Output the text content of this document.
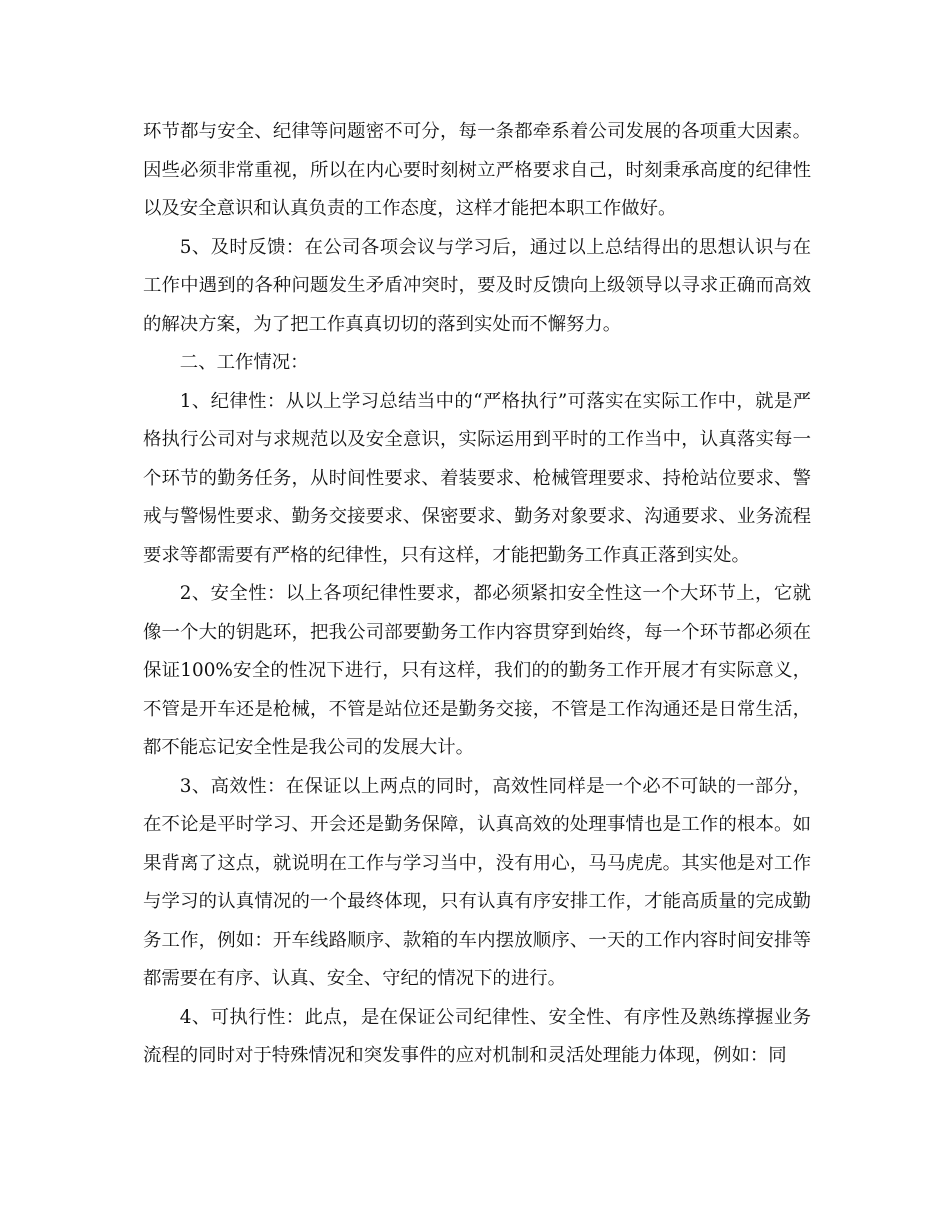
环节都与安全、纪律等问题密不可分，每一条都牵系着公司发展的各项重大因素。因些必须非常重视，所以在内心要时刻树立严格要求自己，时刻秉承高度的纪律性以及安全意识和认真负责的工作态度，这样才能把本职工作做好。

5、及时反馈：在公司各项会议与学习后，通过以上总结得出的思想认识与在工作中遇到的各种问题发生矛盾冲突时，要及时反馈向上级领导以寻求正确而高效的解决方案，为了把工作真真切切的落到实处而不懈努力。

二、工作情况：

1、纪律性：从以上学习总结当中的“严格执行”可落实在实际工作中，就是严格执行公司对与求规范以及安全意识，实际运用到平时的工作当中，认真落实每一个环节的勤务任务，从时间性要求、着装要求、枪械管理要求、持枪站位要求、警戒与警惕性要求、勤务交接要求、保密要求、勤务对象要求、沟通要求、业务流程要求等都需要有严格的纪律性，只有这样，才能把勤务工作真正落到实处。

2、安全性：以上各项纪律性要求，都必须紧扣安全性这一个大环节上，它就像一个大的钥匙环，把我公司部要勤务工作内容贯穿到始终，每一个环节都必须在保证100%安全的性况下进行，只有这样，我们的的勤务工作开展才有实际意义，不管是开车还是枪械，不管是站位还是勤务交接，不管是工作沟通还是日常生活，都不能忘记安全性是我公司的发展大计。

3、高效性：在保证以上两点的同时，高效性同样是一个必不可缺的一部分，在不论是平时学习、开会还是勤务保障，认真高效的处理事情也是工作的根本。如果背离了这点，就说明在工作与学习当中，没有用心，马马虎虎。其实他是对工作与学习的认真情况的一个最终体现，只有认真有序安排工作，才能高质量的完成勤务工作，例如：开车线路顺序、款箱的车内摆放顺序、一天的工作内容时间安排等都需要在有序、认真、安全、守纪的情况下的进行。

4、可执行性：此点，是在保证公司纪律性、安全性、有序性及熟练撑握业务流程的同时对于特殊情况和突发事件的应对机制和灵活处理能力体现，例如：同
